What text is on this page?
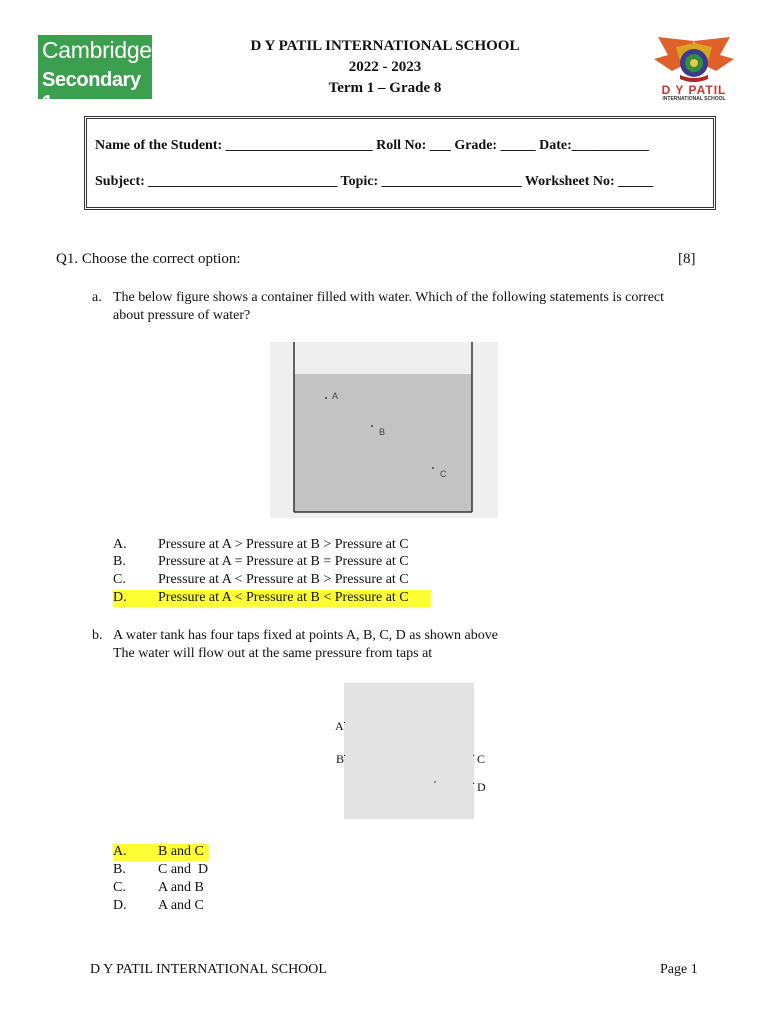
Cambridge
Secondary 1
D Y PATIL INTERNATIONAL SCHOOL
2022 - 2023
Term 1 – Grade 8	D Y PATIL
INTERNATIONAL SCHOOL
Name of the Student: _____________________ Roll No: ___ Grade: _____ Date:___________
Subject: ___________________________ Topic: ____________________ Worksheet No: _____
Q1. Choose the correct option:	[8]
a. The below figure shows a container filled with water. Which of the following statements is correct
about pressure of water?
A
B
C
A. Pressure at A > Pressure at B > Pressure at C
B. Pressure at A = Pressure at B = Pressure at C
C. Pressure at A < Pressure at B > Pressure at C
D. Pressure at A < Pressure at B < Pressure at C
b. A water tank has four taps fixed at points A, B, C, D as shown above
The water will flow out at the same pressure from taps at
A ·
B
·	· C
· D
A. B and C
B. C and  D
C. A and B
D. A and C
D Y PATIL INTERNATIONAL SCHOOL	Page 1
